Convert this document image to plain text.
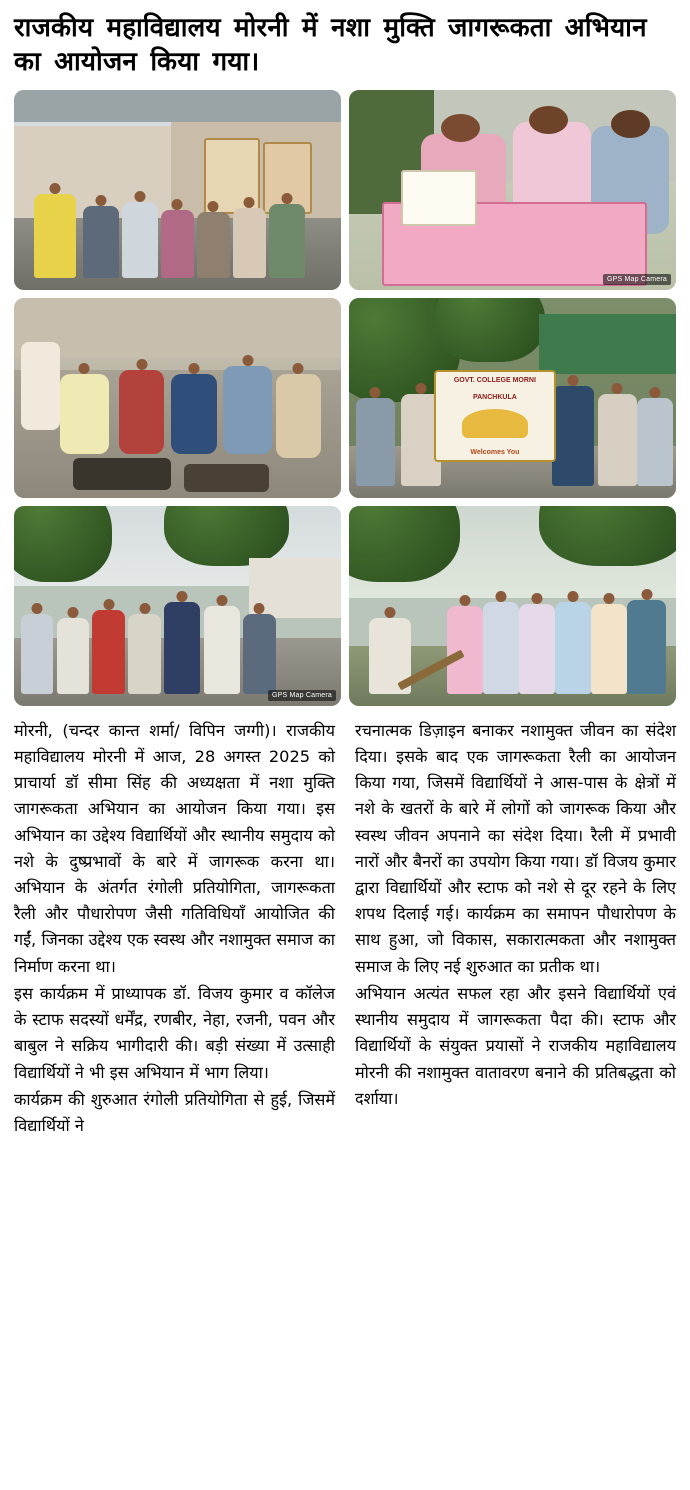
राजकीय महाविद्यालय मोरनी में नशा मुक्ति जागरूकता अभियान का आयोजन किया गया।
GPS Map Camera
GOVT. COLLEGE MORNI
PANCHKULA
Welcomes You
GPS Map Camera

मोरनी, (चन्दर कान्त शर्मा/ विपिन जग्गी)। राजकीय महाविद्यालय मोरनी में आज, 28 अगस्त 2025 को प्राचार्या डॉ सीमा सिंह की अध्यक्षता में नशा मुक्ति जागरूकता अभियान का आयोजन किया गया। इस अभियान का उद्देश्य विद्यार्थियों और स्थानीय समुदाय को नशे के दुष्प्रभावों के बारे में जागरूक करना था। अभियान के अंतर्गत रंगोली प्रतियोगिता, जागरूकता रैली और पौधारोपण जैसी गतिविधियाँ आयोजित की गईं, जिनका उद्देश्य एक स्वस्थ और नशामुक्त समाज का निर्माण करना था।

इस कार्यक्रम में प्राध्यापक डॉ. विजय कुमार व कॉलेज के स्टाफ सदस्यों धर्मेंद्र, रणबीर, नेहा, रजनी, पवन और बाबुल ने सक्रिय भागीदारी की। बड़ी संख्या में उत्साही विद्यार्थियों ने भी इस अभियान में भाग लिया।

कार्यक्रम की शुरुआत रंगोली प्रतियोगिता से हुई, जिसमें विद्यार्थियों ने

रचनात्मक डिज़ाइन बनाकर नशामुक्त जीवन का संदेश दिया। इसके बाद एक जागरूकता रैली का आयोजन किया गया, जिसमें विद्यार्थियों ने आस-पास के क्षेत्रों में नशे के खतरों के बारे में लोगों को जागरूक किया और स्वस्थ जीवन अपनाने का संदेश दिया। रैली में प्रभावी नारों और बैनरों का उपयोग किया गया। डॉ विजय कुमार द्वारा विद्यार्थियों और स्टाफ को नशे से दूर रहने के लिए शपथ दिलाई गई। कार्यक्रम का समापन पौधारोपण के साथ हुआ, जो विकास, सकारात्मकता और नशामुक्त समाज के लिए नई शुरुआत का प्रतीक था।

अभियान अत्यंत सफल रहा और इसने विद्यार्थियों एवं स्थानीय समुदाय में जागरूकता पैदा की। स्टाफ और विद्यार्थियों के संयुक्त प्रयासों ने राजकीय महाविद्यालय मोरनी की नशामुक्त वातावरण बनाने की प्रतिबद्धता को दर्शाया।
